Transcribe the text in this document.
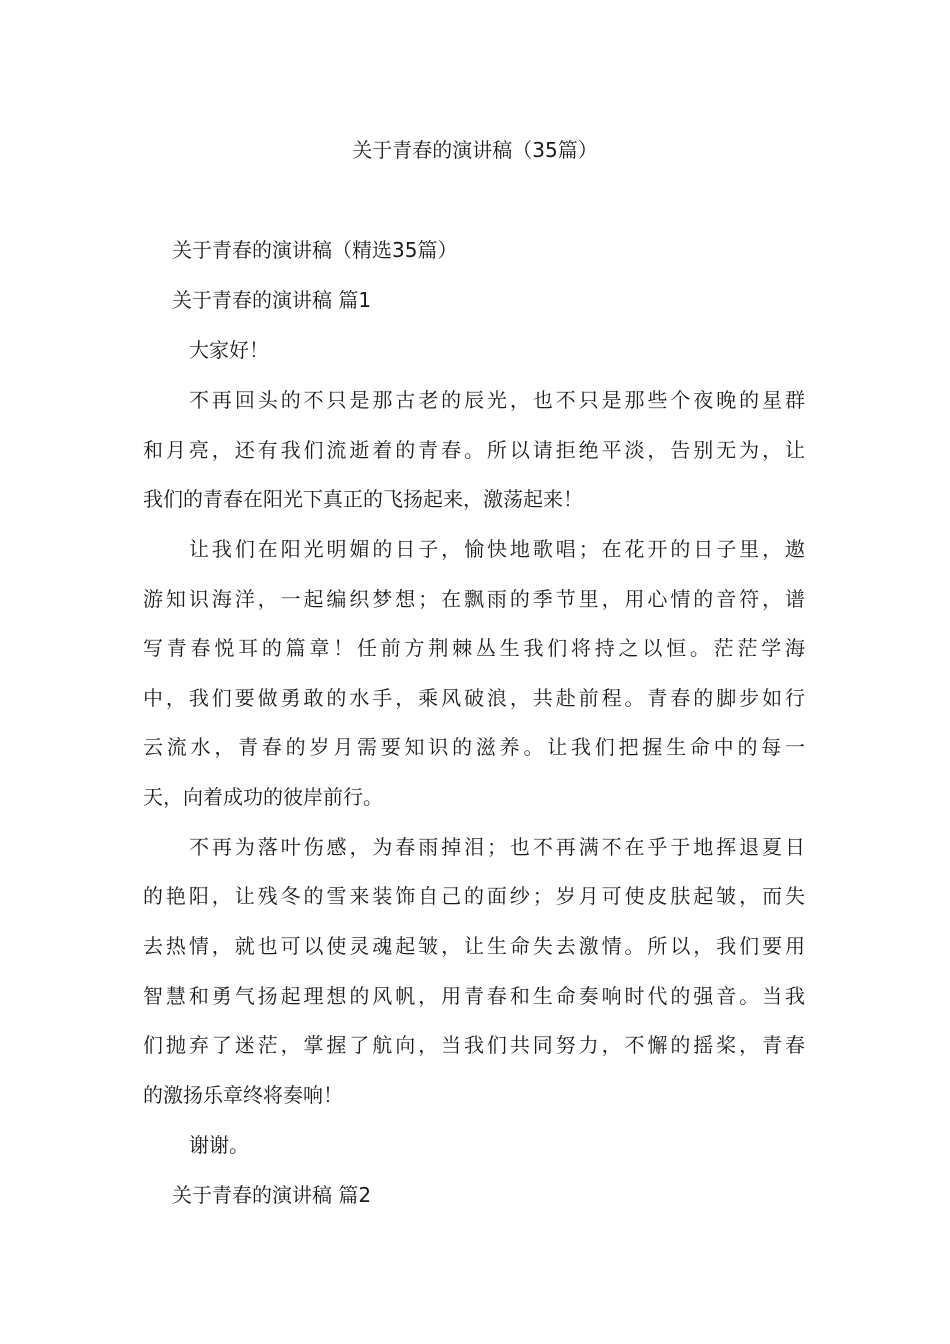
关于青春的演讲稿（35篇）
关于青春的演讲稿（精选35篇）
关于青春的演讲稿 篇1
大家好！
不再回头的不只是那古老的辰光，也不只是那些个夜晚的星群
和月亮，还有我们流逝着的青春。所以请拒绝平淡，告别无为，让
我们的青春在阳光下真正的飞扬起来，激荡起来！
让我们在阳光明媚的日子，愉快地歌唱；在花开的日子里，遨
游知识海洋，一起编织梦想；在飘雨的季节里，用心情的音符，谱
写青春悦耳的篇章！任前方荆棘丛生我们将持之以恒。茫茫学海
中，我们要做勇敢的水手，乘风破浪，共赴前程。青春的脚步如行
云流水，青春的岁月需要知识的滋养。让我们把握生命中的每一
天，向着成功的彼岸前行。
不再为落叶伤感，为春雨掉泪；也不再满不在乎于地挥退夏日
的艳阳，让残冬的雪来装饰自己的面纱；岁月可使皮肤起皱，而失
去热情，就也可以使灵魂起皱，让生命失去激情。所以，我们要用
智慧和勇气扬起理想的风帆，用青春和生命奏响时代的强音。当我
们抛弃了迷茫，掌握了航向，当我们共同努力，不懈的摇桨，青春
的激扬乐章终将奏响！
谢谢。
关于青春的演讲稿 篇2
